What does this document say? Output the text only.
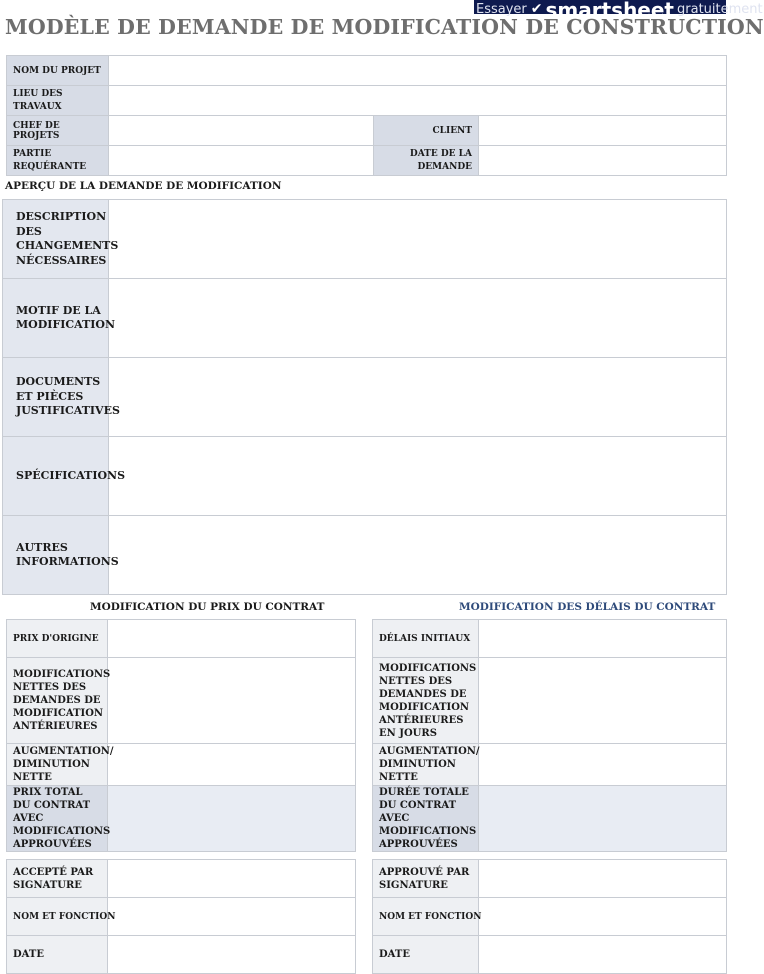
Essayer ✔ smartsheet gratuitement
MODÈLE DE DEMANDE DE MODIFICATION DE CONSTRUCTION
NOM DU PROJET			
LIEU DES TRAVAUX			
CHEF DE PROJETS		CLIENT	
PARTIE REQUÉRANTE		DATE DE LA DEMANDE	
APERÇU DE LA DEMANDE DE MODIFICATION
DESCRIPTION DES CHANGEMENTS NÉCESSAIRES	
MOTIF DE LA MODIFICATION	
DOCUMENTS ET PIÈCES JUSTIFICATIVES	
SPÉCIFICATIONS	
AUTRES INFORMATIONS	
MODIFICATION DU PRIX DU CONTRAT	MODIFICATION DES DÉLAIS DU CONTRAT
PRIX D'ORIGINE	
MODIFICATIONS NETTES DES DEMANDES DE MODIFICATION ANTÉRIEURES	
AUGMENTATION/ DIMINUTION NETTE	
PRIX TOTAL DU CONTRAT AVEC MODIFICATIONS APPROUVÉES	
DÉLAIS INITIAUX	
MODIFICATIONS NETTES DES DEMANDES DE MODIFICATION ANTÉRIEURES EN JOURS	
AUGMENTATION/ DIMINUTION NETTE	
DURÉE TOTALE DU CONTRAT AVEC MODIFICATIONS APPROUVÉES	
ACCEPTÉ PAR SIGNATURE	
NOM ET FONCTION	
DATE	
APPROUVÉ PAR SIGNATURE	
NOM ET FONCTION	
DATE	
